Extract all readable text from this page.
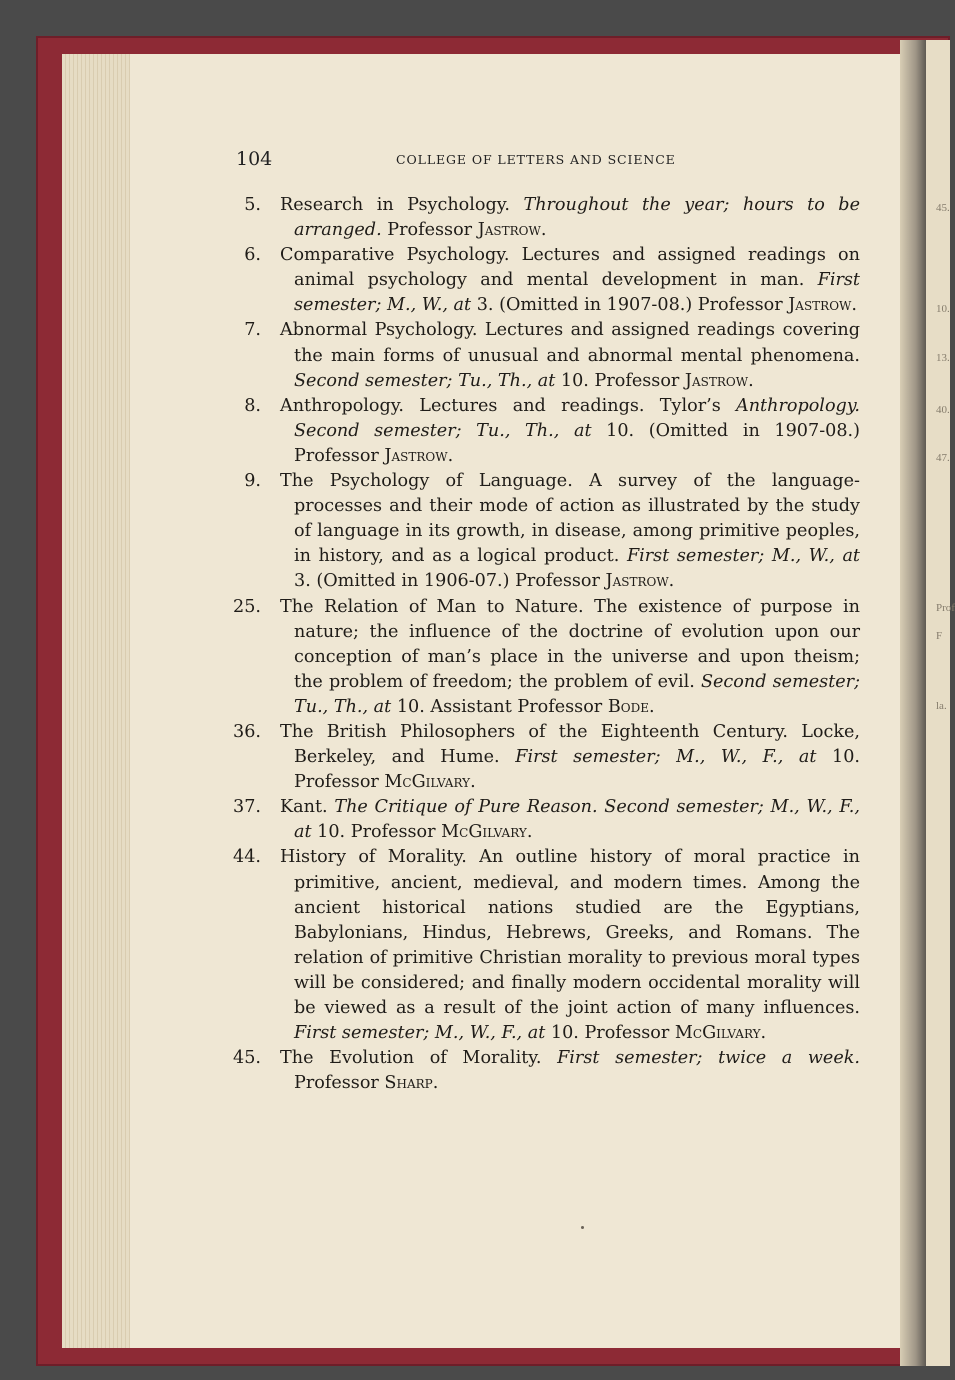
45.
10.
13.
40.
47.
Prof
F
la.
104	COLLEGE OF LETTERS AND SCIENCE
5. Research in Psychology. Throughout the year; hours to be arranged. Professor Jastrow.
6. Comparative Psychology. Lectures and assigned readings on animal psychology and mental development in man. First semester; M., W., at 3. (Omitted in 1907-08.) Professor Jastrow.
7. Abnormal Psychology. Lectures and assigned readings covering the main forms of unusual and abnormal mental phenomena. Second semester; Tu., Th., at 10. Professor Jastrow.
8. Anthropology. Lectures and readings. Tylor’s Anthropology. Second semester; Tu., Th., at 10. (Omitted in 1907-08.) Professor Jastrow.
9. The Psychology of Language. A survey of the language-processes and their mode of action as illustrated by the study of language in its growth, in disease, among primitive peoples, in history, and as a logical product. First semester; M., W., at 3. (Omitted in 1906-07.) Professor Jastrow.
25. The Relation of Man to Nature. The existence of purpose in nature; the influence of the doctrine of evolution upon our conception of man’s place in the universe and upon theism; the problem of freedom; the problem of evil. Second semester; Tu., Th., at 10. Assistant Professor Bode.
36. The British Philosophers of the Eighteenth Century. Locke, Berkeley, and Hume. First semester; M., W., F., at 10. Professor McGilvary.
37. Kant. The Critique of Pure Reason. Second semester; M., W., F., at 10. Professor McGilvary.
44. History of Morality. An outline history of moral practice in primitive, ancient, medieval, and modern times. Among the ancient historical nations studied are the Egyptians, Babylonians, Hindus, Hebrews, Greeks, and Romans. The relation of primitive Christian morality to previous moral types will be considered; and finally modern occidental morality will be viewed as a result of the joint action of many influences. First semester; M., W., F., at 10. Professor McGilvary.
45. The Evolution of Morality. First semester; twice a week. Professor Sharp.
